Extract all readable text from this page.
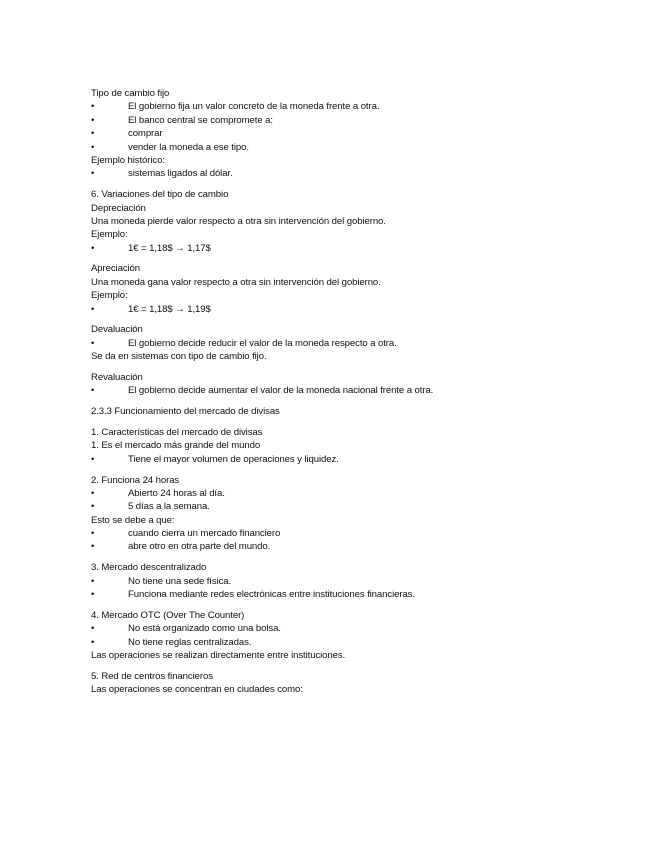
Tipo de cambio fijo
•	El gobierno fija un valor concreto de la moneda frente a otra.
•	El banco central se compromete a:
•	comprar
•	vender la moneda a ese tipo.
Ejemplo histórico:
•	sistemas ligados al dólar.
6. Variaciones del tipo de cambio
Depreciación
Una moneda pierde valor respecto a otra sin intervención del gobierno.
Ejemplo:
•	1€ = 1,18$ → 1,17$
Apreciación
Una moneda gana valor respecto a otra sin intervención del gobierno.
Ejemplo:
•	1€ = 1,18$ → 1,19$
Devaluación
•	El gobierno decide reducir el valor de la moneda respecto a otra.
Se da en sistemas con tipo de cambio fijo.
Revaluación
•	El gobierno decide aumentar el valor de la moneda nacional frente a otra.
2.3.3 Funcionamiento del mercado de divisas
1. Características del mercado de divisas
1. Es el mercado más grande del mundo
•	Tiene el mayor volumen de operaciones y liquidez.
2. Funciona 24 horas
•	Abierto 24 horas al día.
•	5 días a la semana.
Esto se debe a que:
•	cuando cierra un mercado financiero
•	abre otro en otra parte del mundo.
3. Mercado descentralizado
•	No tiene una sede física.
•	Funciona mediante redes electrónicas entre instituciones financieras.
4. Mercado OTC (Over The Counter)
•	No está organizado como una bolsa.
•	No tiene reglas centralizadas.
Las operaciones se realizan directamente entre instituciones.
5. Red de centros financieros
Las operaciones se concentran en ciudades como:
